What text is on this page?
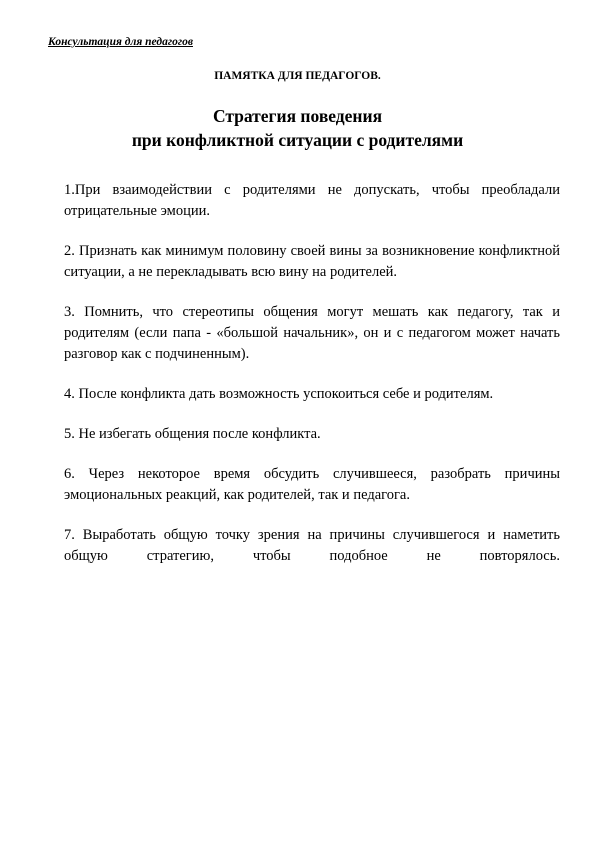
Консультация для педагогов
ПАМЯТКА ДЛЯ ПЕДАГОГОВ.
Стратегия поведения
при конфликтной ситуации с родителями

1.При взаимодействии с родителями не допускать, чтобы преобладали отрицательные эмоции.

2. Признать как минимум половину своей вины за возникновение конфликтной ситуации, а не перекладывать всю вину на родителей.

3. Помнить, что стереотипы общения могут мешать как педагогу, так и родителям (если папа - «большой начальник», он и с педагогом может начать разговор как с подчиненным).

4. После конфликта дать возможность успокоиться себе и родителям.

5. Не избегать общения после конфликта.

6. Через некоторое время обсудить случившееся, разобрать причины эмоциональных реакций, как родителей, так и педагога.

7. Выработать общую точку зрения на причины случившегося и наметить общую стратегию, чтобы подобное не повторялось.
